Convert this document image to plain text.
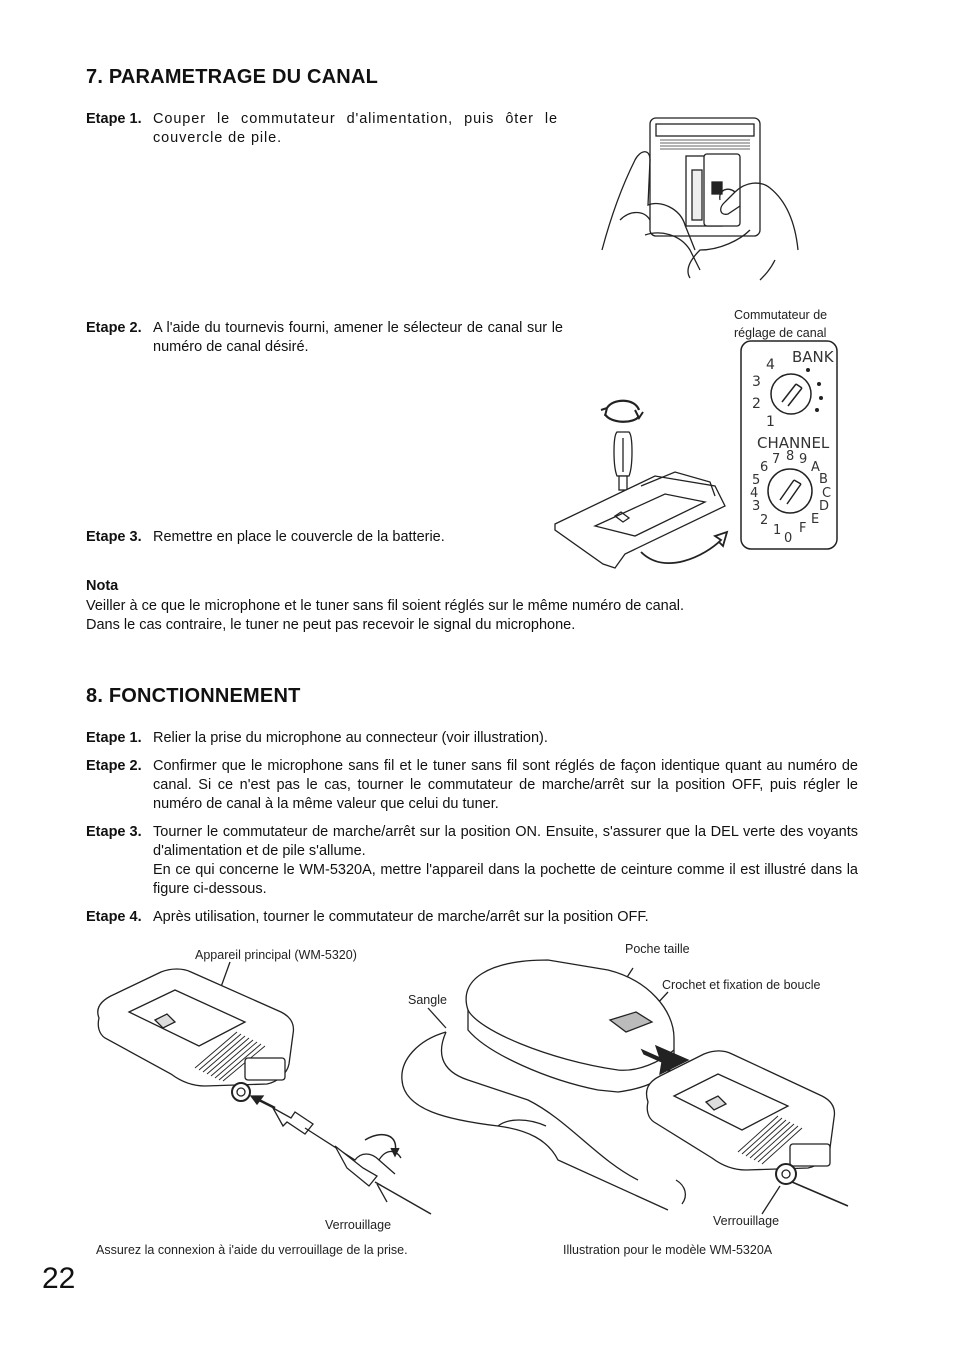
7. PARAMETRAGE DU CANAL
Etape 1. Couper le commutateur d'alimentation, puis ôter le couvercle de pile.
Etape 2. A l'aide du tournevis fourni, amener le sélecteur de canal sur le numéro de canal désiré.
Etape 3. Remettre en place le couvercle de la batterie.
Commutateur de réglage de canal
BANK
4
3
2
1
CHANNEL
0
1
2
3
4
5
6
7 8 9
A
B
C
D
E
F
Nota

Veiller à ce que le microphone et le tuner sans fil soient réglés sur le même numéro de canal.

Dans le cas contraire, le tuner ne peut pas recevoir le signal du microphone.

8. FONCTIONNEMENT
Etape 1. Relier la prise du microphone au connecteur (voir illustration).
Etape 2. Confirmer que le microphone sans fil et le tuner sans fil sont réglés de façon identique quant au numéro de canal. Si ce n'est pas le cas, tourner le commutateur de marche/arrêt sur la position OFF, puis régler le numéro de canal à la même valeur que celui du tuner.
Etape 3. Tourner le commutateur de marche/arrêt sur la position ON. Ensuite, s'assurer que la DEL verte des voyants d'alimentation et de pile s'allume.

En ce qui concerne le WM-5320A, mettre l'appareil dans la pochette de ceinture comme il est illustré dans la figure ci-dessous.

Etape 4. Après utilisation, tourner le commutateur de marche/arrêt sur la position OFF.
Appareil principal (WM-5320)
Verrouillage
Assurez la connexion à i'aide du verrouillage de la prise.
Poche taille
Sangle
Crochet et fixation de boucle
Verrouillage
Illustration pour le modèle WM-5320A
22
